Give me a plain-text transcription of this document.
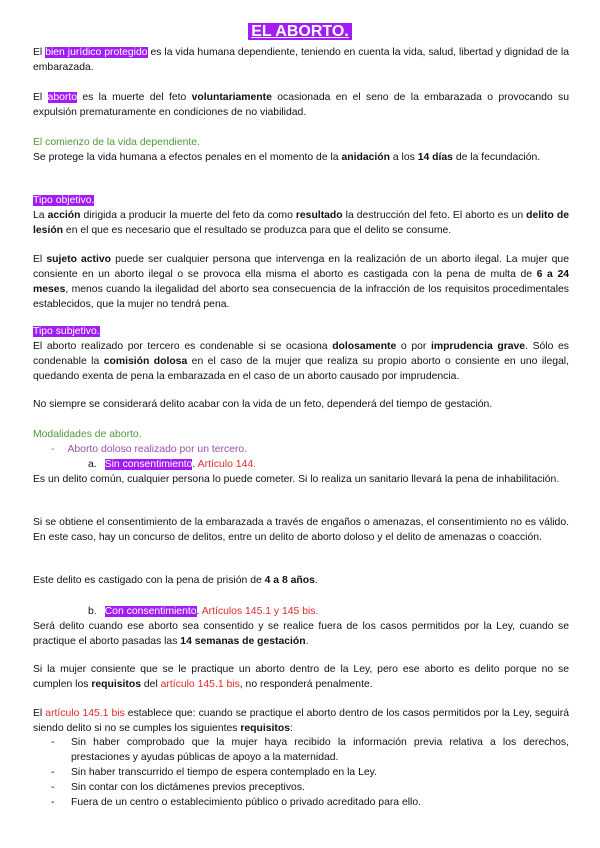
EL ABORTO.

El bien jurídico protegido es la vida humana dependiente, teniendo en cuenta la vida, salud, libertad y dignidad de la embarazada.

El aborto es la muerte del feto voluntariamente ocasionada en el seno de la embarazada o provocando su expulsión prematuramente en condiciones de no viabilidad.

El comienzo de la vida dependiente.

Se protege la vida humana a efectos penales en el momento de la anidación a los 14 días de la fecundación.

Tipo objetivo.

La acción dirigida a producir la muerte del feto da como resultado la destrucción del feto. El aborto es un delito de lesión en el que es necesario que el resultado se produzca para que el delito se consume.

El sujeto activo puede ser cualquier persona que intervenga en la realización de un aborto ilegal. La mujer que consiente en un aborto ilegal o se provoca ella misma el aborto es castigada con la pena de multa de 6 a 24 meses, menos cuando la ilegalidad del aborto sea consecuencia de la infracción de los requisitos procedimentales establecidos, que la mujer no tendrá pena.

Tipo subjetivo.

El aborto realizado por tercero es condenable si se ocasiona dolosamente o por imprudencia grave. Sólo es condenable la comisión dolosa en el caso de la mujer que realiza su propio aborto o consiente en uno ilegal, quedando exenta de pena la embarazada en el caso de un aborto causado por imprudencia.

No siempre se considerará delito acabar con la vida de un feto, dependerá del tiempo de gestación.

Modalidades de aborto.

- Aborto doloso realizado por un tercero.
a. Sin consentimiento. Artículo 144.

Es un delito común, cualquier persona lo puede cometer. Si lo realiza un sanitario llevará la pena de inhabilitación.

Si se obtiene el consentimiento de la embarazada a través de engaños o amenazas, el consentimiento no es válido. En este caso, hay un concurso de delitos, entre un delito de aborto doloso y el delito de amenazas o coacción.

Este delito es castigado con la pena de prisión de 4 a 8 años.

b. Con consentimiento. Artículos 145.1 y 145 bis.

Será delito cuando ese aborto sea consentido y se realice fuera de los casos permitidos por la Ley, cuando se practique el aborto pasadas las 14 semanas de gestación.

Si la mujer consiente que se le practique un aborto dentro de la Ley, pero ese aborto es delito porque no se cumplen los requisitos del artículo 145.1 bis, no responderá penalmente.

El artículo 145.1 bis establece que: cuando se practique el aborto dentro de los casos permitidos por la Ley, seguirá siendo delito si no se cumples los siguientes requisitos:

- Sin haber comprobado que la mujer haya recibido la información previa relativa a los derechos, prestaciones y ayudas públicas de apoyo a la maternidad.
- Sin haber transcurrido el tiempo de espera contemplado en la Ley.
- Sin contar con los dictámenes previos preceptivos.
- Fuera de un centro o establecimiento público o privado acreditado para ello.
